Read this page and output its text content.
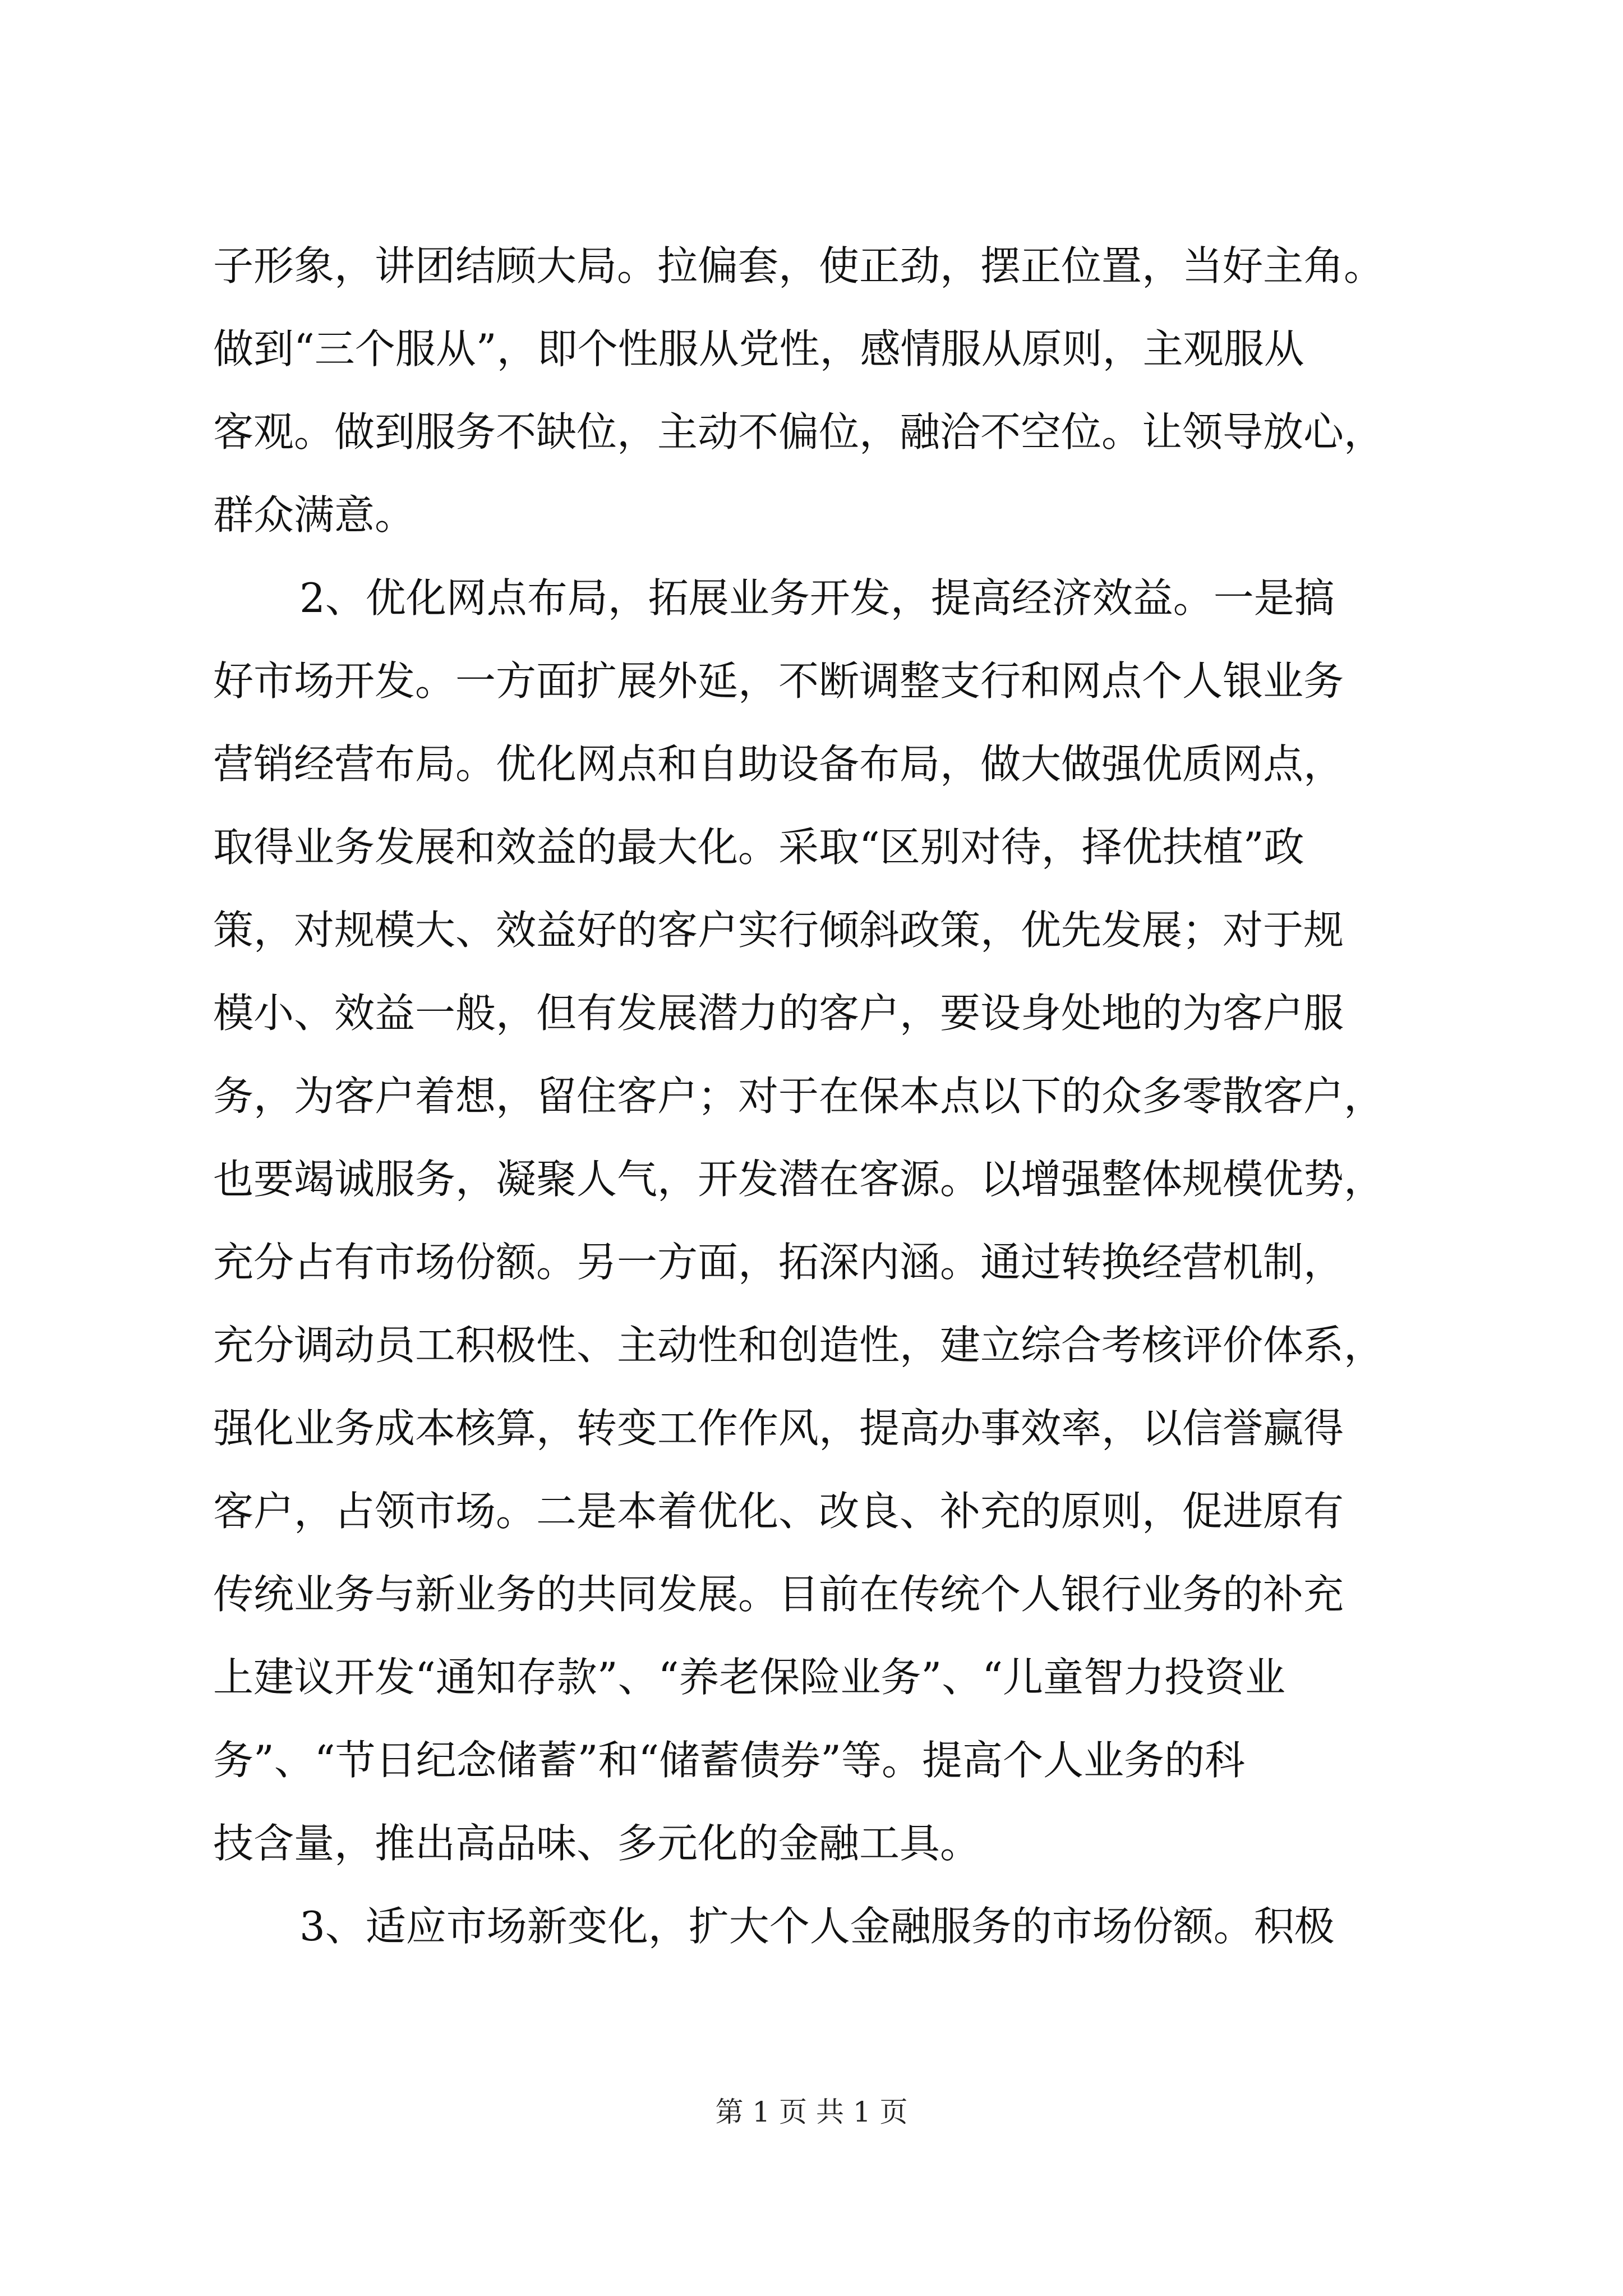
子形象，讲团结顾大局。拉偏套，使正劲，摆正位置，当好主角。
做到“三个服从”，即个性服从党性，感情服从原则，主观服从
客观。做到服务不缺位，主动不偏位，融洽不空位。让领导放心，
群众满意。
2、优化网点布局，拓展业务开发，提高经济效益。一是搞
好市场开发。一方面扩展外延，不断调整支行和网点个人银业务
营销经营布局。优化网点和自助设备布局，做大做强优质网点，
取得业务发展和效益的最大化。采取“区别对待，择优扶植”政
策，对规模大、效益好的客户实行倾斜政策，优先发展；对于规
模小、效益一般，但有发展潜力的客户，要设身处地的为客户服
务，为客户着想，留住客户；对于在保本点以下的众多零散客户，
也要竭诚服务，凝聚人气，开发潜在客源。以增强整体规模优势，
充分占有市场份额。另一方面，拓深内涵。通过转换经营机制，
充分调动员工积极性、主动性和创造性，建立综合考核评价体系，
强化业务成本核算，转变工作作风，提高办事效率，以信誉赢得
客户，占领市场。二是本着优化、改良、补充的原则，促进原有
传统业务与新业务的共同发展。目前在传统个人银行业务的补充
上建议开发“通知存款”、“养老保险业务”、“儿童智力投资业
务”、“节日纪念储蓄”和“储蓄债券”等。提高个人业务的科
技含量，推出高品味、多元化的金融工具。
3、适应市场新变化，扩大个人金融服务的市场份额。积极
第 1 页 共 1 页
